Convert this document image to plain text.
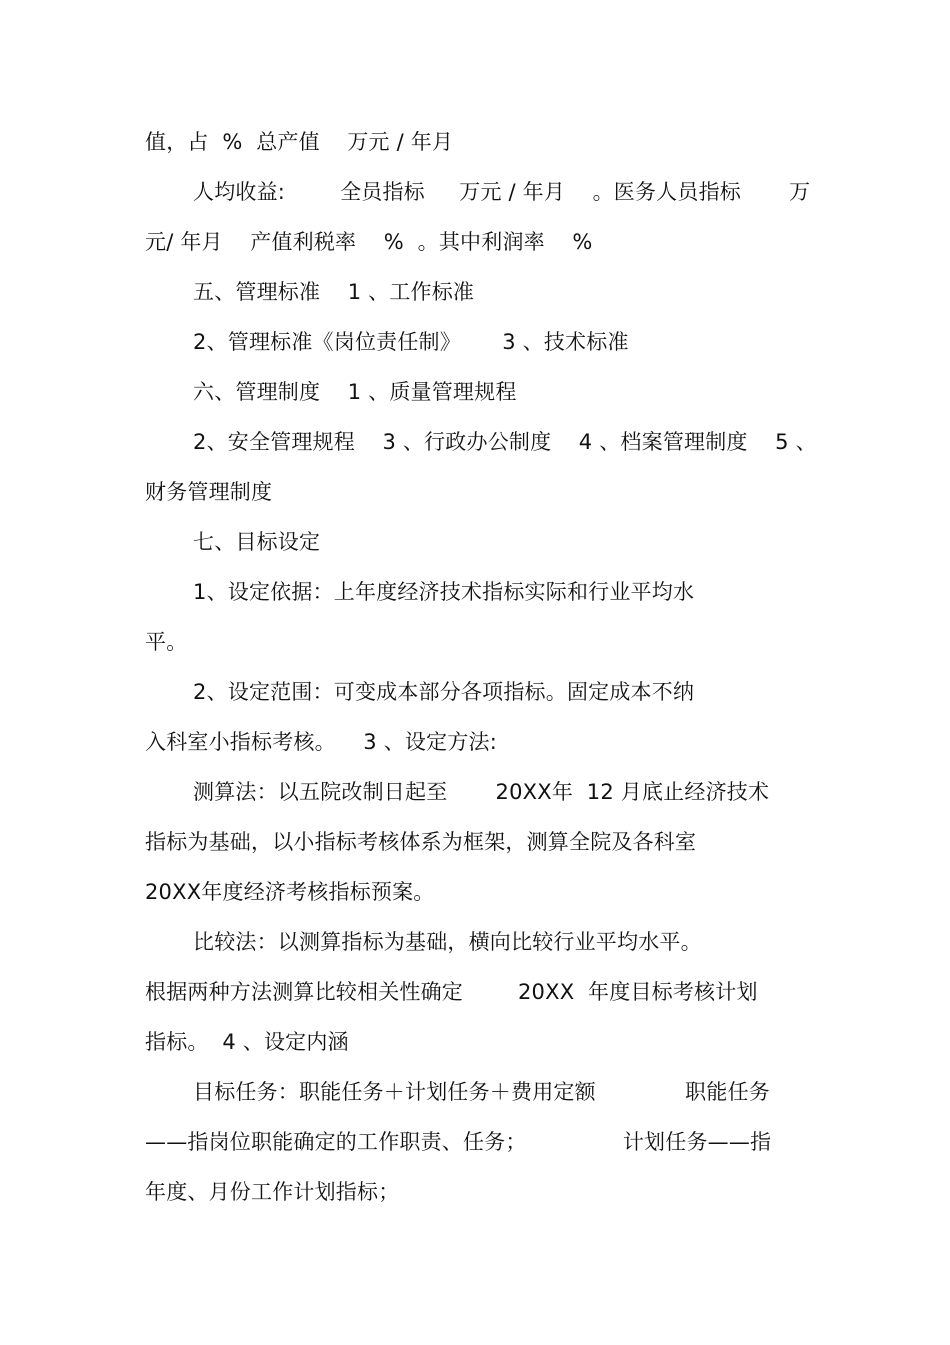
值，占  %  总产值    万元 / 年月
人均收益:        全员指标     万元 / 年月    。医务人员指标       万
元/ 年月    产值利税率    %  。其中利润率    %
五、管理标准    1 、工作标准
2、管理标准《岗位责任制》      3 、技术标准
六、管理制度    1 、质量管理规程
2、安全管理规程    3 、行政办公制度    4 、档案管理制度    5 、
财务管理制度
七、目标设定
1、设定依据：上年度经济技术指标实际和行业平均水
平。
2、设定范围：可变成本部分各项指标。固定成本不纳
入科室小指标考核。    3 、设定方法:
测算法：以五院改制日起至       20XX年  12 月底止经济技术
指标为基础，以小指标考核体系为框架，测算全院及各科室
20XX年度经济考核指标预案。
比较法：以测算指标为基础，横向比较行业平均水平。
根据两种方法测算比较相关性确定        20XX  年度目标考核计划
指标。  4 、设定内涵
目标任务：职能任务＋计划任务＋费用定额             职能任务
——指岗位职能确定的工作职责、任务；              计划任务——指
年度、月份工作计划指标；
